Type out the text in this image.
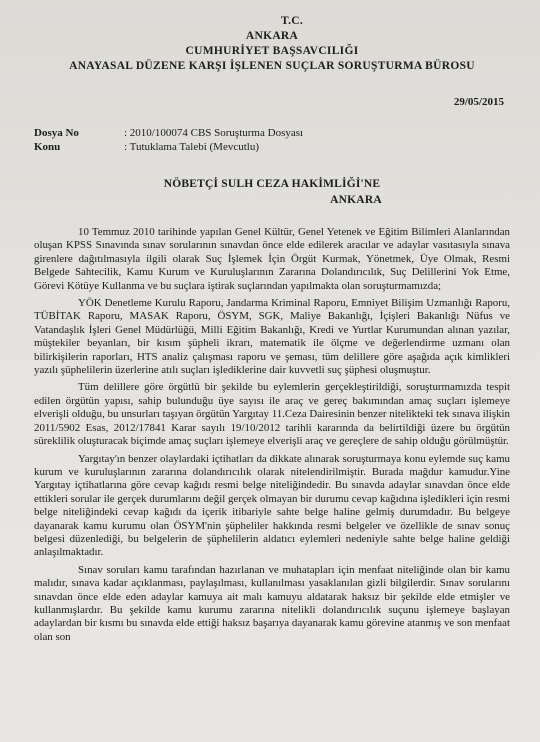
T.C.
ANKARA
CUMHURİYET BAŞSAVCILIĞI
ANAYASAL DÜZENE KARŞI İŞLENEN SUÇLAR SORUŞTURMA BÜROSU
29/05/2015
Dosya No	: 2010/100074 CBS Soruşturma Dosyası
Konu	: Tutuklama Talebi (Mevcutlu)
NÖBETÇİ SULH CEZA HAKİMLİĞİ'NE
ANKARA

10 Temmuz 2010 tarihinde yapılan Genel Kültür, Genel Yetenek ve Eğitim Bilimleri Alanlarından oluşan KPSS Sınavında sınav sorularının sınavdan önce elde edilerek aracılar ve adaylar vasıtasıyla sınava girenlere dağıtılmasıyla ilgili olarak Suç İşlemek İçin Örgüt Kurmak, Yönetmek, Üye Olmak, Resmi Belgede Sahtecilik, Kamu Kurum ve Kuruluşlarının Zararına Dolandırıcılık, Suç Delillerini Yok Etme, Görevi Kötüye Kullanma ve bu suçlara iştirak suçlarından yapılmakta olan soruşturmamızda;

YÖK Denetleme Kurulu Raporu, Jandarma Kriminal Raporu, Emniyet Bilişim Uzmanlığı Raporu, TÜBİTAK Raporu, MASAK Raporu, ÖSYM, SGK, Maliye Bakanlığı, İçişleri Bakanlığı Nüfus ve Vatandaşlık İşleri Genel Müdürlüğü, Milli Eğitim Bakanlığı, Kredi ve Yurtlar Kurumundan alınan yazılar, müştekiler beyanları, bir kısım şüpheli ikrarı, matematik ile ölçme ve değerlendirme uzmanı olan bilirkişilerin raporları, HTS analiz çalışması raporu ve şeması, tüm delillere göre aşağıda açık kimlikleri yazılı şüphelilerin üzerlerine atılı suçları işlediklerine dair kuvvetli suç şüphesi oluşmuştur.

Tüm delillere göre örgütlü bir şekilde bu eylemlerin gerçekleştirildiği, soruşturmamızda tespit edilen örgütün yapısı, sahip bulunduğu üye sayısı ile araç ve gereç bakımından amaç suçları işlemeye elverişli olduğu, bu unsurları taşıyan örgütün Yargıtay 11.Ceza Dairesinin benzer nitelikteki tek sınava ilişkin 2011/5902 Esas, 2012/17841 Karar sayılı 19/10/2012 tarihli kararında da belirtildiği üzere bu örgütün süreklilik oluşturacak biçimde amaç suçları işlemeye elverişli araç ve gereçlere de sahip olduğu görülmüştür.

Yargıtay'ın benzer olaylardaki içtihatları da dikkate alınarak soruşturmaya konu eylemde suç kamu kurum ve kuruluşlarının zararına dolandırıcılık olarak nitelendirilmiştir. Burada mağdur kamudur.Yine Yargıtay içtihatlarına göre cevap kağıdı resmi belge niteliğindedir. Bu sınavda adaylar sınavdan önce elde ettikleri sorular ile gerçek durumlarını değil gerçek olmayan bir durumu cevap kağıdına işledikleri için resmi belge niteliğindeki cevap kağıdı da içerik itibariyle sahte belge haline gelmiş durumdadır. Bu belgeye dayanarak kamu kurumu olan ÖSYM'nin şüpheliler hakkında resmi belgeler ve özellikle de sınav sonuç belgesi düzenlediği, bu belgelerin de şüphelilerin aldatıcı eylemleri nedeniyle sahte belge haline geldiği anlaşılmaktadır.

Sınav soruları kamu tarafından hazırlanan ve muhatapları için menfaat niteliğinde olan bir kamu malıdır, sınava kadar açıklanması, paylaşılması, kullanılması yasaklanılan gizli bilgilerdir. Sınav sorularını sınavdan önce elde eden adaylar kamuya ait malı kamuyu aldatarak haksız bir şekilde elde etmişler ve kullanmışlardır. Bu şekilde kamu kurumu zararına nitelikli dolandırıcılık suçunu işlemeye başlayan adaylardan bir kısmı bu sınavda elde ettiği haksız başarıya dayanarak kamu görevine atanmış ve son menfaat olan son
